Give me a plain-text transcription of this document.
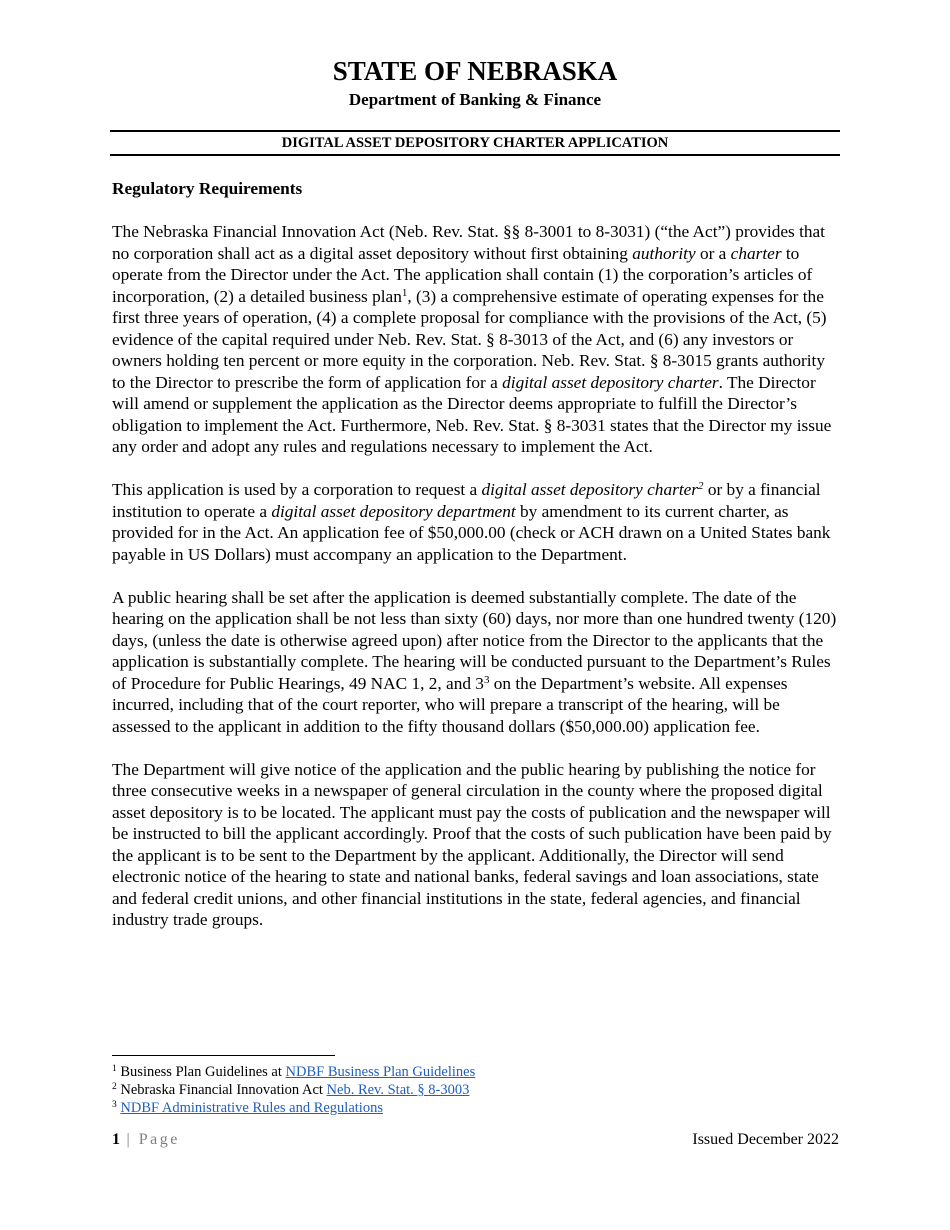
STATE OF NEBRASKA
Department of Banking & Finance
DIGITAL ASSET DEPOSITORY CHARTER APPLICATION
Regulatory Requirements

The Nebraska Financial Innovation Act (Neb. Rev. Stat. §§ 8-3001 to 8-3031) (“the Act”) provides that no corporation shall act as a digital asset depository without first obtaining authority or a charter to operate from the Director under the Act. The application shall contain (1) the corporation’s articles of incorporation, (2) a detailed business plan$^1$, (3) a comprehensive estimate of operating expenses for the first three years of operation, (4) a complete proposal for compliance with the provisions of the Act, (5) evidence of the capital required under Neb. Rev. Stat. § 8-3013 of the Act, and (6) any investors or owners holding ten percent or more equity in the corporation. Neb. Rev. Stat. § 8-3015 grants authority to the Director to prescribe the form of application for a digital asset depository charter. The Director will amend or supplement the application as the Director deems appropriate to fulfill the Director’s obligation to implement the Act. Furthermore, Neb. Rev. Stat. § 8-3031 states that the Director my issue any order and adopt any rules and regulations necessary to implement the Act.

This application is used by a corporation to request a digital asset depository charter$^2$ or by a financial institution to operate a digital asset depository department by amendment to its current charter, as provided for in the Act. An application fee of $50,000.00 (check or ACH drawn on a United States bank payable in US Dollars) must accompany an application to the Department.

A public hearing shall be set after the application is deemed substantially complete. The date of the hearing on the application shall be not less than sixty (60) days, nor more than one hundred twenty (120) days, (unless the date is otherwise agreed upon) after notice from the Director to the applicants that the application is substantially complete. The hearing will be conducted pursuant to the Department’s Rules of Procedure for Public Hearings, 49 NAC 1, 2, and $3^3$ on the Department’s website. All expenses incurred, including that of the court reporter, who will prepare a transcript of the hearing, will be assessed to the applicant in addition to the fifty thousand dollars ($50,000.00) application fee.

The Department will give notice of the application and the public hearing by publishing the notice for three consecutive weeks in a newspaper of general circulation in the county where the proposed digital asset depository is to be located. The applicant must pay the costs of publication and the newspaper will be instructed to bill the applicant accordingly. Proof that the costs of such publication have been paid by the applicant is to be sent to the Department by the applicant. Additionally, the Director will send electronic notice of the hearing to state and national banks, federal savings and loan associations, state and federal credit unions, and other financial institutions in the state, federal agencies, and financial industry trade groups.

$^1$ Business Plan Guidelines at NDBF Business Plan Guidelines
$^2$ Nebraska Financial Innovation Act Neb. Rev. Stat. § 8-3003
$^3$ NDBF Administrative Rules and Regulations
1 | Page	Issued December 2022
